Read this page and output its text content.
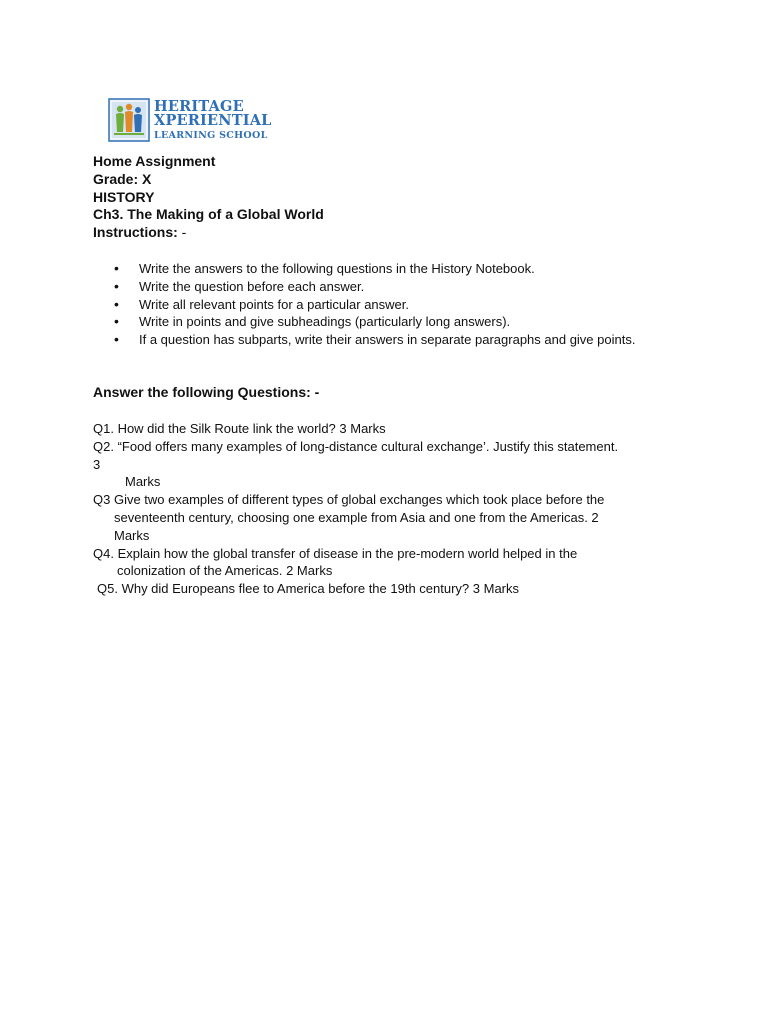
HERITAGE
XPERIENTIAL
LEARNING SCHOOL
Home Assignment
Grade: X
HISTORY
Ch3. The Making of a Global World
Instructions: -
• Write the answers to the following questions in the History Notebook.
• Write the question before each answer.
• Write all relevant points for a particular answer.
• Write in points and give subheadings (particularly long answers).
• If a question has subparts, write their answers in separate paragraphs and give points.
Answer the following Questions: -
Q1. How did the Silk Route link the world? 3 Marks
Q2. “Food offers many examples of long-distance cultural exchange’. Justify this statement.
3
Marks
Q3 Give two examples of different types of global exchanges which took place before the
seventeenth century, choosing one example from Asia and one from the Americas. 2
Marks
Q4. Explain how the global transfer of disease in the pre-modern world helped in the
colonization of the Americas. 2 Marks
Q5. Why did Europeans flee to America before the 19th century? 3 Marks
